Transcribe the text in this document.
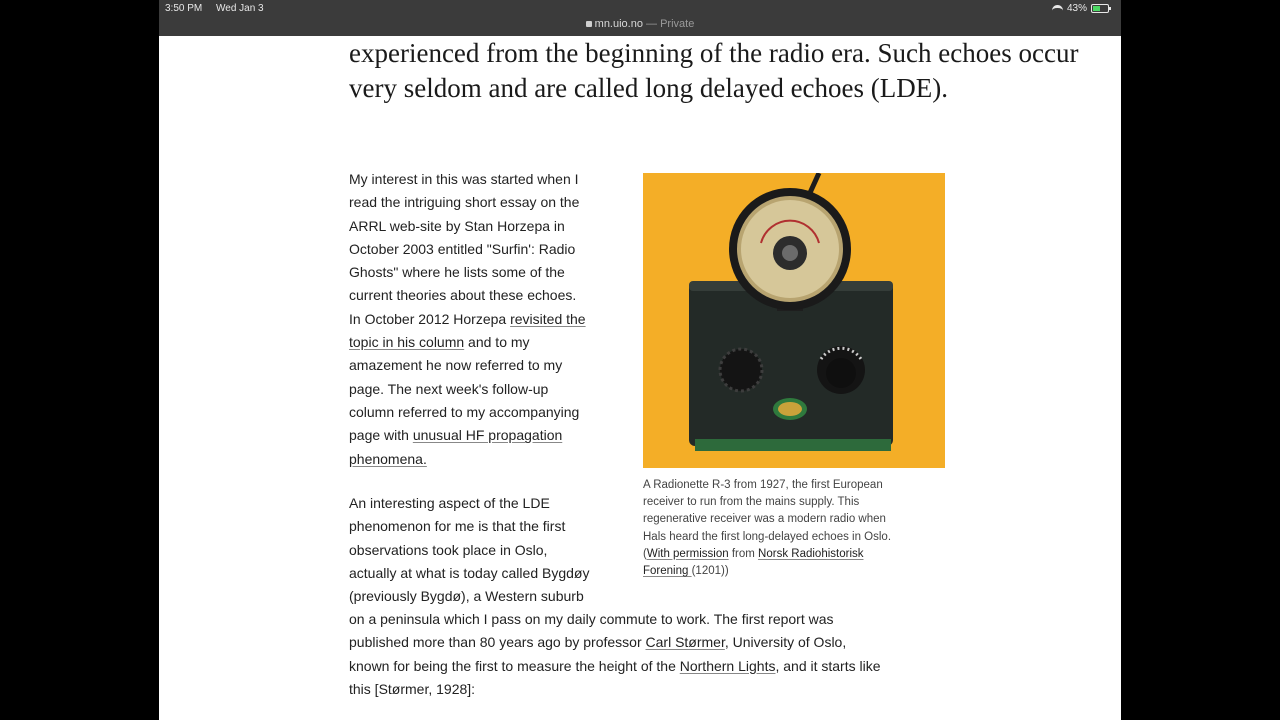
3:50 PM Wed Jan 3
mn.uio.no — Private
43%
experienced from the beginning of the radio era. Such echoes occur very seldom and are called long delayed echoes (LDE).
My interest in this was started when I
read the intriguing short essay on the
ARRL web-site by Stan Horzepa in
October 2003 entitled "Surfin': Radio
Ghosts" where he lists some of the
current theories about these echoes.
In October 2012 Horzepa revisited the
topic in his column and to my
amazement he now referred to my
page. The next week's follow-up
column referred to my accompanying
page with unusual HF propagation
phenomena.
An interesting aspect of the LDE
phenomenon for me is that the first
observations took place in Oslo,
actually at what is today called Bygdøy
(previously Bygdø), a Western suburb
on a peninsula which I pass on my daily commute to work. The first report was
published more than 80 years ago by professor Carl Størmer, University of Oslo,
known for being the first to measure the height of the Northern Lights, and it starts like
this [Størmer, 1928]:
A Radionette R-3 from 1927, the first European
receiver to run from the mains supply. This
regenerative receiver was a modern radio when
Hals heard the first long-delayed echoes in Oslo.
(With permission from Norsk Radiohistorisk
Forening (1201))
